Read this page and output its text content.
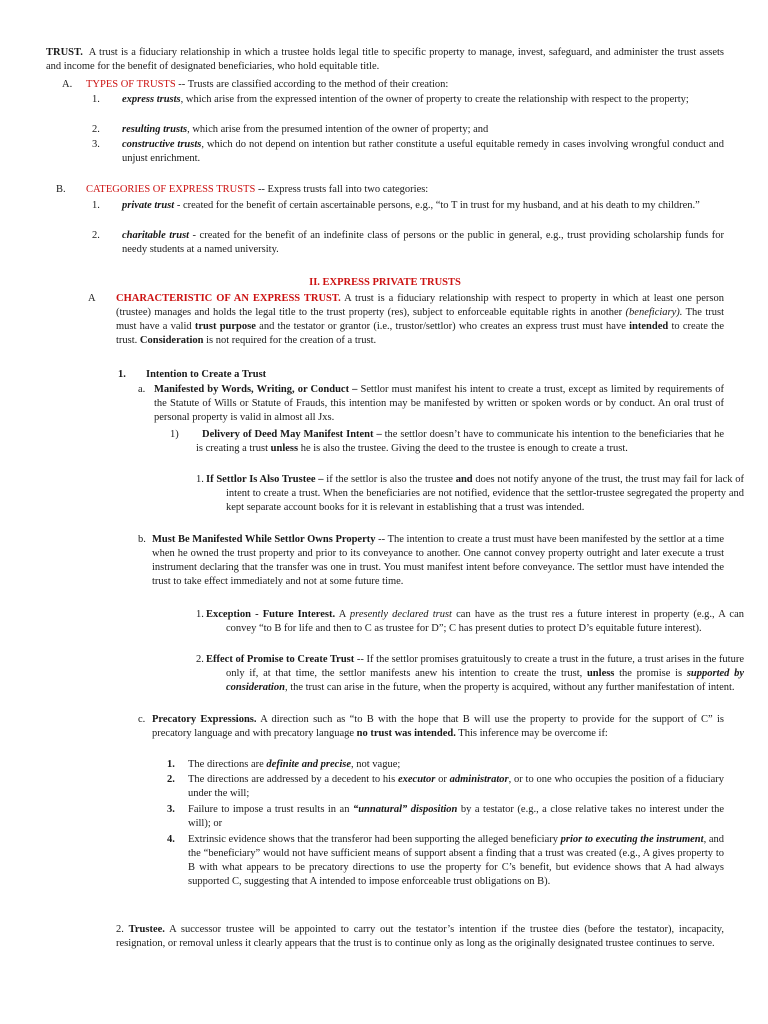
TRUST. A trust is a fiduciary relationship in which a trustee holds legal title to specific property to manage, invest, safeguard, and administer the trust assets and income for the benefit of designated beneficiaries, who hold equitable title.

A. TYPES OF TRUSTS -- Trusts are classified according to the method of their creation:

1. express trusts, which arise from the expressed intention of the owner of property to create the relationship with respect to the property;

2. resulting trusts, which arise from the presumed intention of the owner of property; and

3. constructive trusts, which do not depend on intention but rather constitute a useful equitable remedy in cases involving wrongful conduct and unjust enrichment.

B. CATEGORIES OF EXPRESS TRUSTS -- Express trusts fall into two categories:

1. private trust - created for the benefit of certain ascertainable persons, e.g., “to T in trust for my husband, and at his death to my children.”

2. charitable trust - created for the benefit of an indefinite class of persons or the public in general, e.g., trust providing scholarship funds for needy students at a named university.

II. EXPRESS PRIVATE TRUSTS

A CHARACTERISTIC OF AN EXPRESS TRUST. A trust is a fiduciary relationship with respect to property in which at least one person (trustee) manages and holds the legal title to the trust property (res), subject to enforceable equitable rights in another (beneficiary). The trust must have a valid trust purpose and the testator or grantor (i.e., trustor/settlor) who creates an express trust must have intended to create the trust. Consideration is not required for the creation of a trust.

1. Intention to Create a Trust

a. Manifested by Words, Writing, or Conduct – Settlor must manifest his intent to create a trust, except as limited by requirements of the Statute of Wills or Statute of Frauds, this intention may be manifested by written or spoken words or by conduct. An oral trust of personal property is valid in almost all Jxs.

1)	Delivery of Deed May Manifest Intent – the settlor doesn’t have to communicate his intention to the beneficiaries that he is creating a trust unless he is also the trustee. Giving the deed to the trustee is enough to create a trust.

1. If Settlor Is Also Trustee – if the settlor is also the trustee and does not notify anyone of the trust, the trust may fail for lack of intent to create a trust. When the beneficiaries are not notified, evidence that the settlor-trustee segregated the property and kept separate account books for it is relevant in establishing that a trust was intended.

b. Must Be Manifested While Settlor Owns Property -- The intention to create a trust must have been manifested by the settlor at a time when he owned the trust property and prior to its conveyance to another. One cannot convey property outright and later execute a trust instrument declaring that the transfer was one in trust. You must manifest intent before conveyance. The settlor must have intended the trust to take effect immediately and not at some future time.

1. Exception - Future Interest. A presently declared trust can have as the trust res a future interest in property (e.g., A can convey “to B for life and then to C as trustee for D”; C has present duties to protect D’s equitable future interest).

2. Effect of Promise to Create Trust -- If the settlor promises gratuitously to create a trust in the future, a trust arises in the future only if, at that time, the settlor manifests anew his intention to create the trust, unless the promise is supported by consideration, the trust can arise in the future, when the property is acquired, without any further manifestation of intent.

c. Precatory Expressions. A direction such as “to B with the hope that B will use the property to provide for the support of C” is precatory language and with precatory language no trust was intended. This inference may be overcome if:

1. The directions are definite and precise, not vague;

2. The directions are addressed by a decedent to his executor or administrator, or to one who occupies the position of a fiduciary under the will;

3. Failure to impose a trust results in an “unnatural” disposition by a testator (e.g., a close relative takes no interest under the will); or

4. Extrinsic evidence shows that the transferor had been supporting the alleged beneficiary prior to executing the instrument, and the “beneficiary” would not have sufficient means of support absent a finding that a trust was created (e.g., A gives property to B with what appears to be precatory directions to use the property for C’s benefit, but evidence shows that A had always supported C, suggesting that A intended to impose enforceable trust obligations on B).

2. Trustee. A successor trustee will be appointed to carry out the testator’s intention if the trustee dies (before the testator), incapacity, resignation, or removal unless it clearly appears that the trust is to continue only as long as the originally designated trustee continues to serve.
